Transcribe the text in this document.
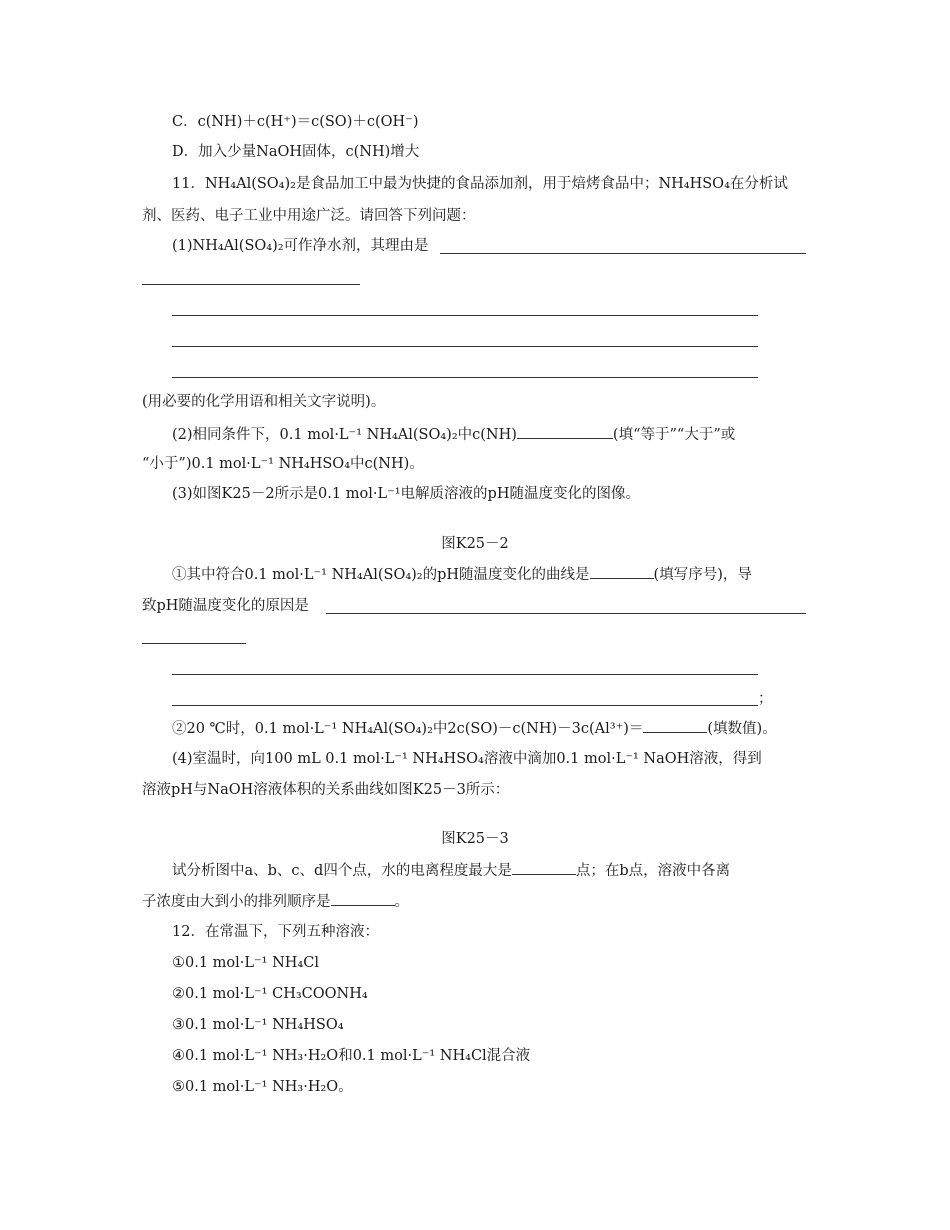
C．c(NH)＋c(H⁺)＝c(SO)＋c(OH⁻)
D．加入少量NaOH固体，c(NH)增大
11．NH₄Al(SO₄)₂是食品加工中最为快捷的食品添加剂，用于焙烤食品中；NH₄HSO₄在分析试
剂、医药、电子工业中用途广泛。请回答下列问题：
(1)NH₄Al(SO₄)₂可作净水剂，其理由是
(用必要的化学用语和相关文字说明)。
(2)相同条件下，0.1 mol·L⁻¹ NH₄Al(SO₄)₂中c(NH)	(填“等于”“大于”或
“小于”)0.1 mol·L⁻¹ NH₄HSO₄中c(NH)。
(3)如图K25－2所示是0.1 mol·L⁻¹电解质溶液的pH随温度变化的图像。
图K25－2
①其中符合0.1 mol·L⁻¹ NH₄Al(SO₄)₂的pH随温度变化的曲线是	(填写序号)，导
致pH随温度变化的原因是
；
②20 ℃时，0.1 mol·L⁻¹ NH₄Al(SO₄)₂中2c(SO)－c(NH)－3c(Al³⁺)＝	(填数值)。
(4)室温时，向100 mL 0.1 mol·L⁻¹ NH₄HSO₄溶液中滴加0.1 mol·L⁻¹ NaOH溶液，得到
溶液pH与NaOH溶液体积的关系曲线如图K25－3所示：
图K25－3
试分析图中a、b、c、d四个点，水的电离程度最大是	点；在b点，溶液中各离
子浓度由大到小的排列顺序是	。
12．在常温下，下列五种溶液：
①0.1 mol·L⁻¹ NH₄Cl
②0.1 mol·L⁻¹ CH₃COONH₄
③0.1 mol·L⁻¹ NH₄HSO₄
④0.1 mol·L⁻¹ NH₃·H₂O和0.1 mol·L⁻¹ NH₄Cl混合液
⑤0.1 mol·L⁻¹ NH₃·H₂O。
